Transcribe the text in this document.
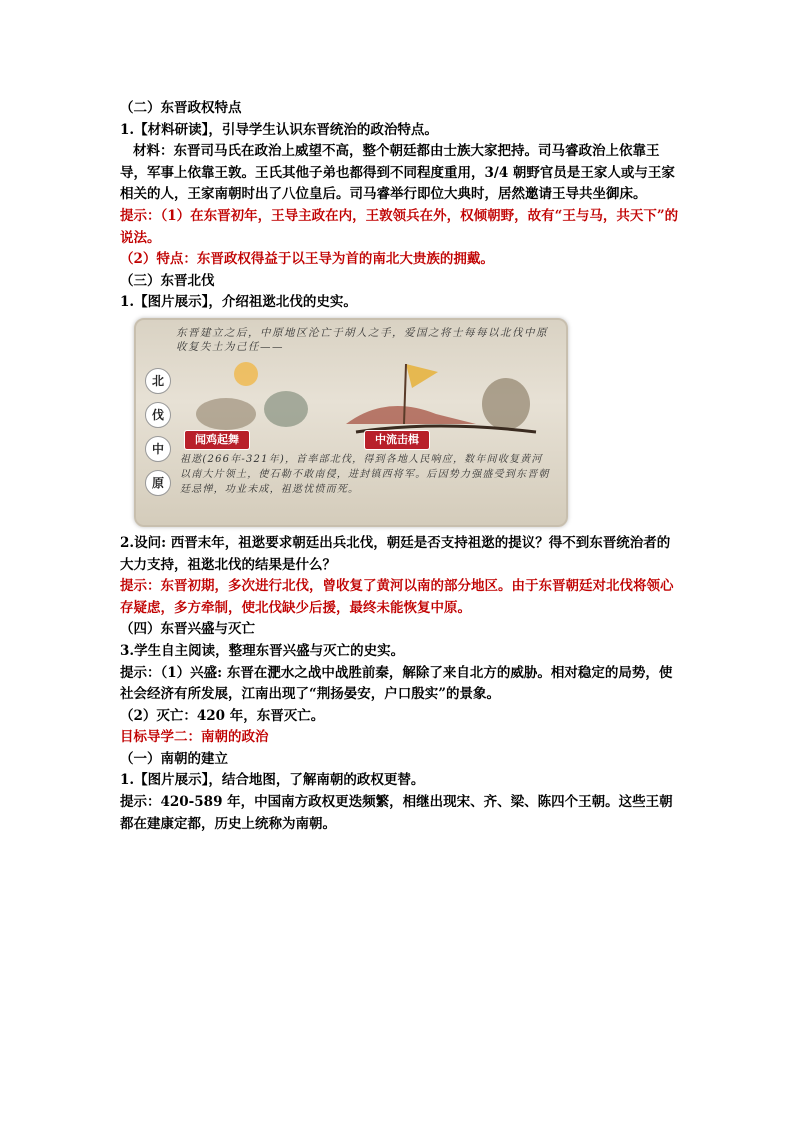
（二）东晋政权特点
1.【材料研读】，引导学生认识东晋统治的政治特点。
材料：东晋司马氏在政治上威望不高，整个朝廷都由士族大家把持。司马睿政治上依靠王导，军事上依靠王敦。王氏其他子弟也都得到不同程度重用，3/4 朝野官员是王家人或与王家相关的人，王家南朝时出了八位皇后。司马睿举行即位大典时，居然邀请王导共坐御床。
提示：（1）在东晋初年，王导主政在内，王敦领兵在外，权倾朝野，故有“王与马，共天下”的说法。
（2）特点：东晋政权得益于以王导为首的南北大贵族的拥戴。
（三）东晋北伐
1.【图片展示】，介绍祖逖北伐的史实。
东晋建立之后，中原地区沦亡于胡人之手，爱国之将士每每以北伐中原收复失土为己任——
北
伐
中
原
闻鸡起舞	中流击楫
祖逖(266年-321年)，首率部北伐，得到各地人民响应，数年间收复黄河以南大片领土，使石勒不敢南侵，进封镇西将军。后因势力强盛受到东晋朝廷忌惮，功业未成，祖逖忧愤而死。
2.设问: 西晋末年，祖逖要求朝廷出兵北伐，朝廷是否支持祖逖的提议？得不到东晋统治者的大力支持，祖逖北伐的结果是什么？
提示：东晋初期，多次进行北伐，曾收复了黄河以南的部分地区。由于东晋朝廷对北伐将领心存疑虑，多方牵制，使北伐缺少后援，最终未能恢复中原。
（四）东晋兴盛与灭亡
3.学生自主阅读，整理东晋兴盛与灭亡的史实。
提示：（1）兴盛: 东晋在淝水之战中战胜前秦，解除了来自北方的威胁。相对稳定的局势，使社会经济有所发展，江南出现了“荆扬晏安，户口殷实”的景象。
（2）灭亡：420 年，东晋灭亡。
目标导学二：南朝的政治
（一）南朝的建立
1.【图片展示】，结合地图，了解南朝的政权更替。
提示：420-589 年，中国南方政权更迭频繁，相继出现宋、齐、梁、陈四个王朝。这些王朝都在建康定都，历史上统称为南朝。
